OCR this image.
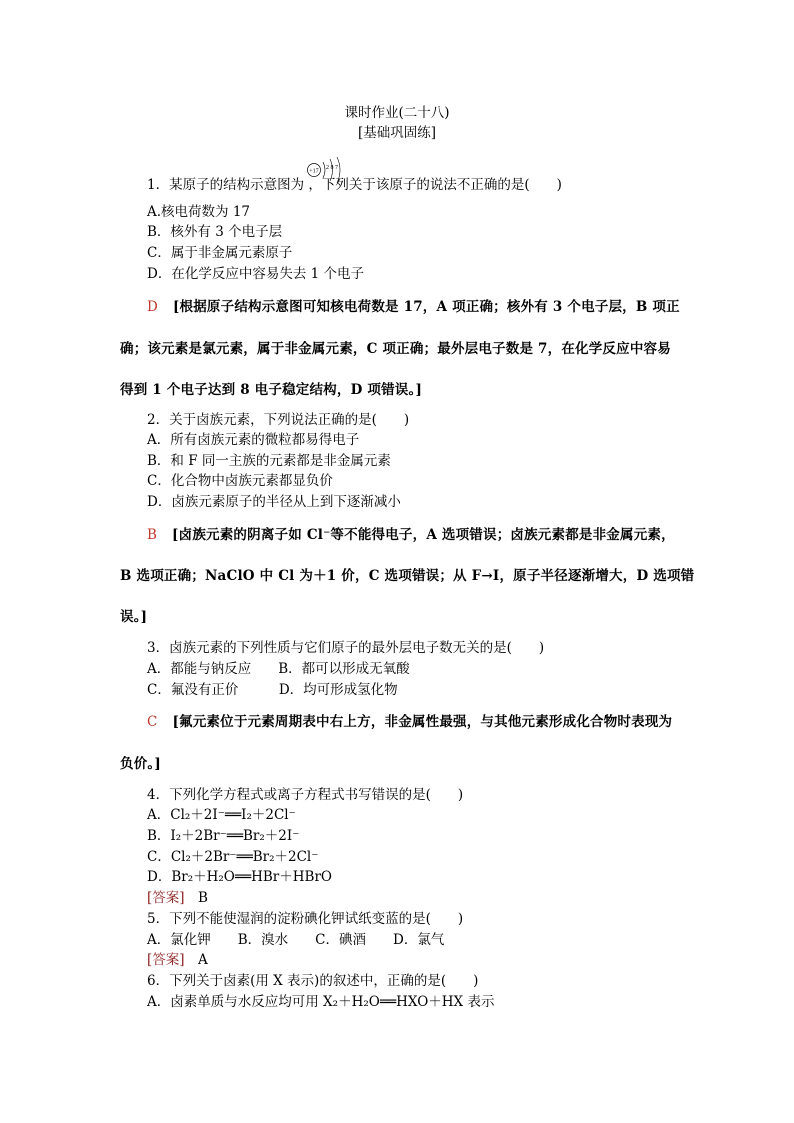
课时作业(二十八)
[基础巩固练]
+17
2 8 7
1．某原子的结构示意图为 ，下列关于该原子的说法不正确的是(　　)
A.核电荷数为 17
B．核外有 3 个电子层
C．属于非金属元素原子
D．在化学反应中容易失去 1 个电子
D [根据原子结构示意图可知核电荷数是 17，A 项正确；核外有 3 个电子层，B 项正
确；该元素是氯元素，属于非金属元素，C 项正确；最外层电子数是 7，在化学反应中容易
得到 1 个电子达到 8 电子稳定结构，D 项错误。]
2．关于卤族元素，下列说法正确的是(　　)
A．所有卤族元素的微粒都易得电子
B．和 F 同一主族的元素都是非金属元素
C．化合物中卤族元素都显负价
D．卤族元素原子的半径从上到下逐渐减小
B [卤族元素的阴离子如 Cl⁻等不能得电子，A 选项错误；卤族元素都是非金属元素，
B 选项正确；NaClO 中 Cl 为＋1 价，C 选项错误；从 F→I，原子半径逐渐增大，D 选项错
误。]
3．卤族元素的下列性质与它们原子的最外层电子数无关的是(　　)
A．都能与钠反应　　B．都可以形成无氧酸
C．氟没有正价　　　D．均可形成氢化物
C [氟元素位于元素周期表中右上方，非金属性最强，与其他元素形成化合物时表现为
负价。]
4．下列化学方程式或离子方程式书写错误的是(　　)
A．Cl₂＋2I⁻══I₂＋2Cl⁻
B．I₂＋2Br⁻══Br₂＋2I⁻
C．Cl₂＋2Br⁻══Br₂＋2Cl⁻
D．Br₂＋H₂O══HBr＋HBrO
[答案]　B
5．下列不能使湿润的淀粉碘化钾试纸变蓝的是(　　)
A．氯化钾　　B．溴水　　C．碘酒　　D．氯气
[答案]　A
6．下列关于卤素(用 X 表示)的叙述中，正确的是(　　)
A．卤素单质与水反应均可用 X₂＋H₂O══HXO＋HX 表示
